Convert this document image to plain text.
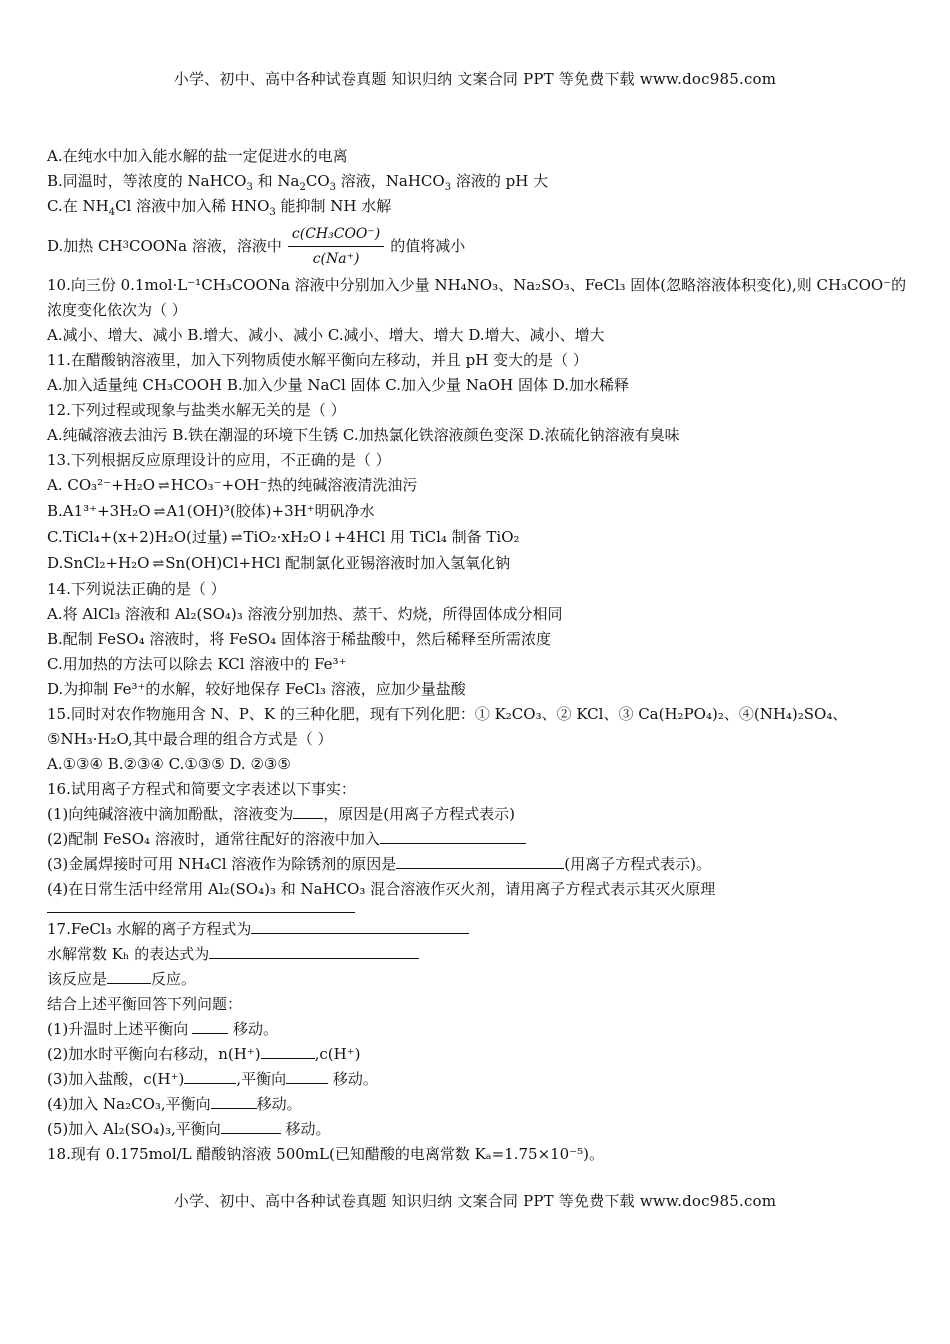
小学、初中、高中各种试卷真题 知识归纳 文案合同 PPT 等免费下载 www.doc985.com
A.在纯水中加入能水解的盐一定促进水的电离
B.同温时，等浓度的 NaHCO$_3$ 和 $Na_2CO_3$ 溶液，NaHCO$_3$ 溶液的 pH 大
C.在 $NH_4Cl$ 溶液中加入稀 $HNO_3$ 能抑制 NH 水解
D.加热 CH 3 COONa 溶液，溶液中 $\frac{\text{c(CH₃COO⁻)}}{c(Na^+)}$ 的值将减小
10.向三份 0.1mol·L⁻¹CH₃COONa 溶液中分别加入少量 NH₄NO₃、Na₂SO₃、FeCl₃ 固体(忽略溶液体积变化),则 CH₃COO⁻的
浓度变化依次为（ ）
A.减小、增大、减小 B.增大、减小、减小 C.减小、增大、增大 D.增大、减小、增大
11.在醋酸钠溶液里，加入下列物质使水解平衡向左移动，并且 pH 变大的是（ ）
A.加入适量纯 CH₃COOH B.加入少量 NaCl 固体 C.加入少量 NaOH 固体 D.加水稀释
12.下列过程或现象与盐类水解无关的是（ ）
A.纯碱溶液去油污 B.铁在潮湿的环境下生锈 C.加热氯化铁溶液颜色变深 D.浓硫化钠溶液有臭味
13.下列根据反应原理设计的应用，不正确的是（ ）
A. CO₃²⁻+H₂O ⇌ HCO₃⁻+OH⁻热的纯碱溶液清洗油污
B.A1³⁺+3H₂O ⇌ A1(OH)³(胶体)+3H⁺明矾净水
C.TiCl₄+(x+2)H₂O(过量) ⇌ TiO₂·xH₂O↓+4HCl 用 TiCl₄ 制备 TiO₂
D.SnCl₂+H₂O ⇌ Sn(OH)Cl+HCl 配制氯化亚锡溶液时加入氢氧化钠
14.下列说法正确的是（ ）
A.将 AlCl₃ 溶液和 Al₂(SO₄)₃ 溶液分别加热、蒸干、灼烧，所得固体成分相同
B.配制 FeSO₄ 溶液时，将 FeSO₄ 固体溶于稀盐酸中，然后稀释至所需浓度
C.用加热的方法可以除去 KCl 溶液中的 Fe³⁺
D.为抑制 Fe³⁺的水解，较好地保存 FeCl₃ 溶液，应加少量盐酸
15.同时对农作物施用含 N、P、K 的三种化肥，现有下列化肥：① K₂CO₃、② KCl、③ Ca(H₂PO₄)₂、④(NH₄)₂SO₄、
⑤NH₃·H₂O,其中最合理的组合方式是（ ）
A.①③④ B.②③④ C.①③⑤ D. ②③⑤
16.试用离子方程式和简要文字表述以下事实：
(1)向纯碱溶液中滴加酚酞，溶液变为 ，原因是(用离子方程式表示)
(2)配制 FeSO₄ 溶液时，通常往配好的溶液中加入
(3)金属焊接时可用 NH₄Cl 溶液作为除锈剂的原因是	(用离子方程式表示)。
(4)在日常生活中经常用 Al₂(SO₄)₃ 和 NaHCO₃ 混合溶液作灭火剂，请用离子方程式表示其灭火原理
17.FeCl₃ 水解的离子方程式为
水解常数 Kₕ 的表达式为
该反应是	反应。
结合上述平衡回答下列问题：
(1)升温时上述平衡向	移动。
(2)加水时平衡向右移动，n(H⁺)	,c(H⁺)
(3)加入盐酸，c(H⁺)	,平衡向	移动。
(4)加入 Na₂CO₃,平衡向	移动。
(5)加入 Al₂(SO₄)₃,平衡向	移动。
18.现有 0.175mol/L 醋酸钠溶液 500mL(已知醋酸的电离常数 Kₐ=1.75×10⁻⁵)。
小学、初中、高中各种试卷真题 知识归纳 文案合同 PPT 等免费下载 www.doc985.com
